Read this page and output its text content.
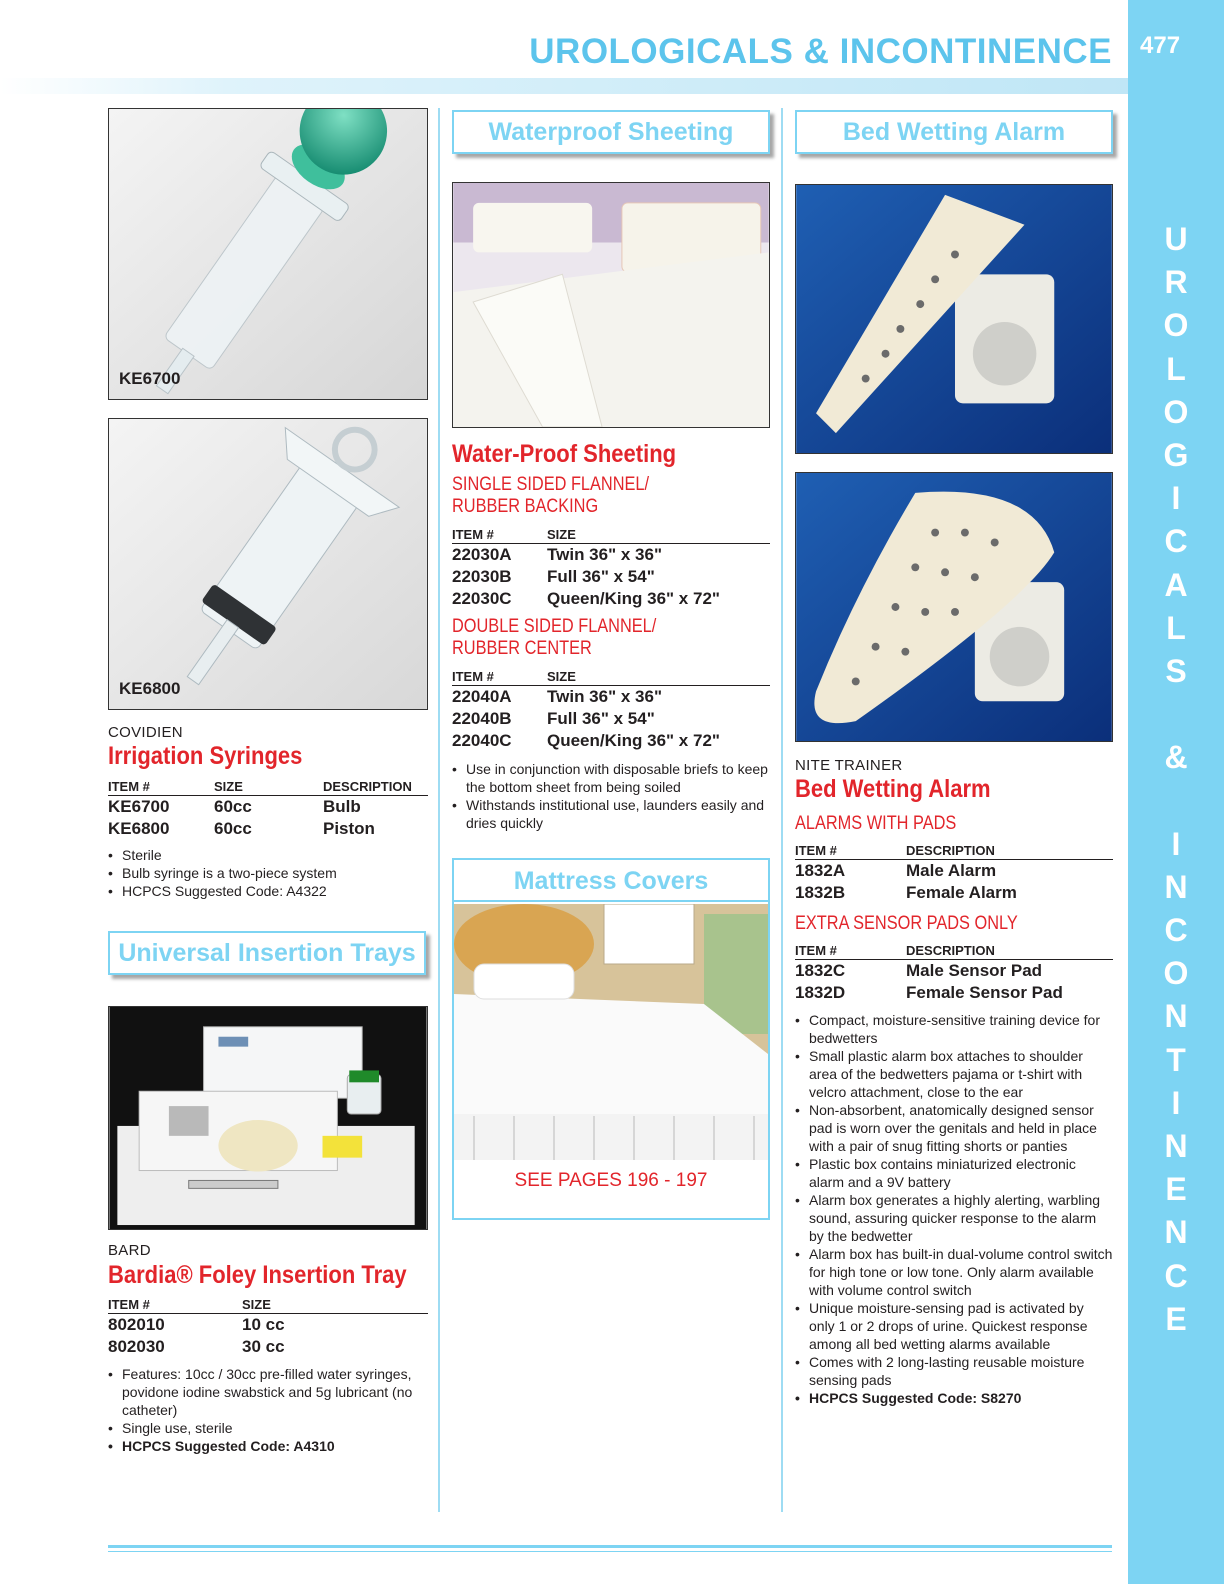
UROLOGICALS & INCONTINENCE 477
U
R
O
L
O
G
I
C
A
L
S
&
I
N
C
O
N
T
I
N
E
N
C
E
KE6700
KE6800
COVIDIEN
Irrigation Syringes
ITEM #	SIZE	DESCRIPTION
KE6700	60cc	Bulb
KE6800	60cc	Piston
• Sterile
• Bulb syringe is a two-piece system
• HCPCS Suggested Code: A4322
Universal Insertion Trays
BARD
Bardia® Foley Insertion Tray
ITEM #	SIZE
802010	10 cc
802030	30 cc
• Features: 10cc / 30cc pre-filled water syringes, povidone iodine swabstick and 5g lubricant (no catheter)
• Single use, sterile
• HCPCS Suggested Code: A4310
Waterproof Sheeting
Water-Proof Sheeting
SINGLE SIDED FLANNEL/
RUBBER BACKING
ITEM #	SIZE
22030A Twin 36" x 36"
22030B Full 36" x 54"
22030C Queen/King 36" x 72"
DOUBLE SIDED FLANNEL/
RUBBER CENTER
ITEM #	SIZE
22040A Twin 36" x 36"
22040B Full 36" x 54"
22040C Queen/King 36" x 72"
• Use in conjunction with disposable briefs to keep the bottom sheet from being soiled
• Withstands institutional use, launders easily and dries quickly
Mattress Covers
SEE PAGES 196 - 197
Bed Wetting Alarm
NITE TRAINER
Bed Wetting Alarm
ALARMS WITH PADS
ITEM #	DESCRIPTION
1832A	Male Alarm
1832B	Female Alarm
EXTRA SENSOR PADS ONLY
ITEM #	DESCRIPTION
1832C	Male Sensor Pad
1832D	Female Sensor Pad
• Compact, moisture-sensitive training device for bedwetters
• Small plastic alarm box attaches to shoulder area of the bedwetters pajama or t-shirt with velcro attachment, close to the ear
• Non-absorbent, anatomically designed sensor pad is worn over the genitals and held in place with a pair of snug fitting shorts or panties
• Plastic box contains miniaturized electronic alarm and a 9V battery
• Alarm box generates a highly alerting, warbling sound, assuring quicker response to the alarm by the bedwetter
• Alarm box has built-in dual-volume control switch for high tone or low tone. Only alarm available with volume control switch
• Unique moisture-sensing pad is activated by only 1 or 2 drops of urine. Quickest response among all bed wetting alarms available
• Comes with 2 long-lasting reusable moisture sensing pads
• HCPCS Suggested Code: S8270
